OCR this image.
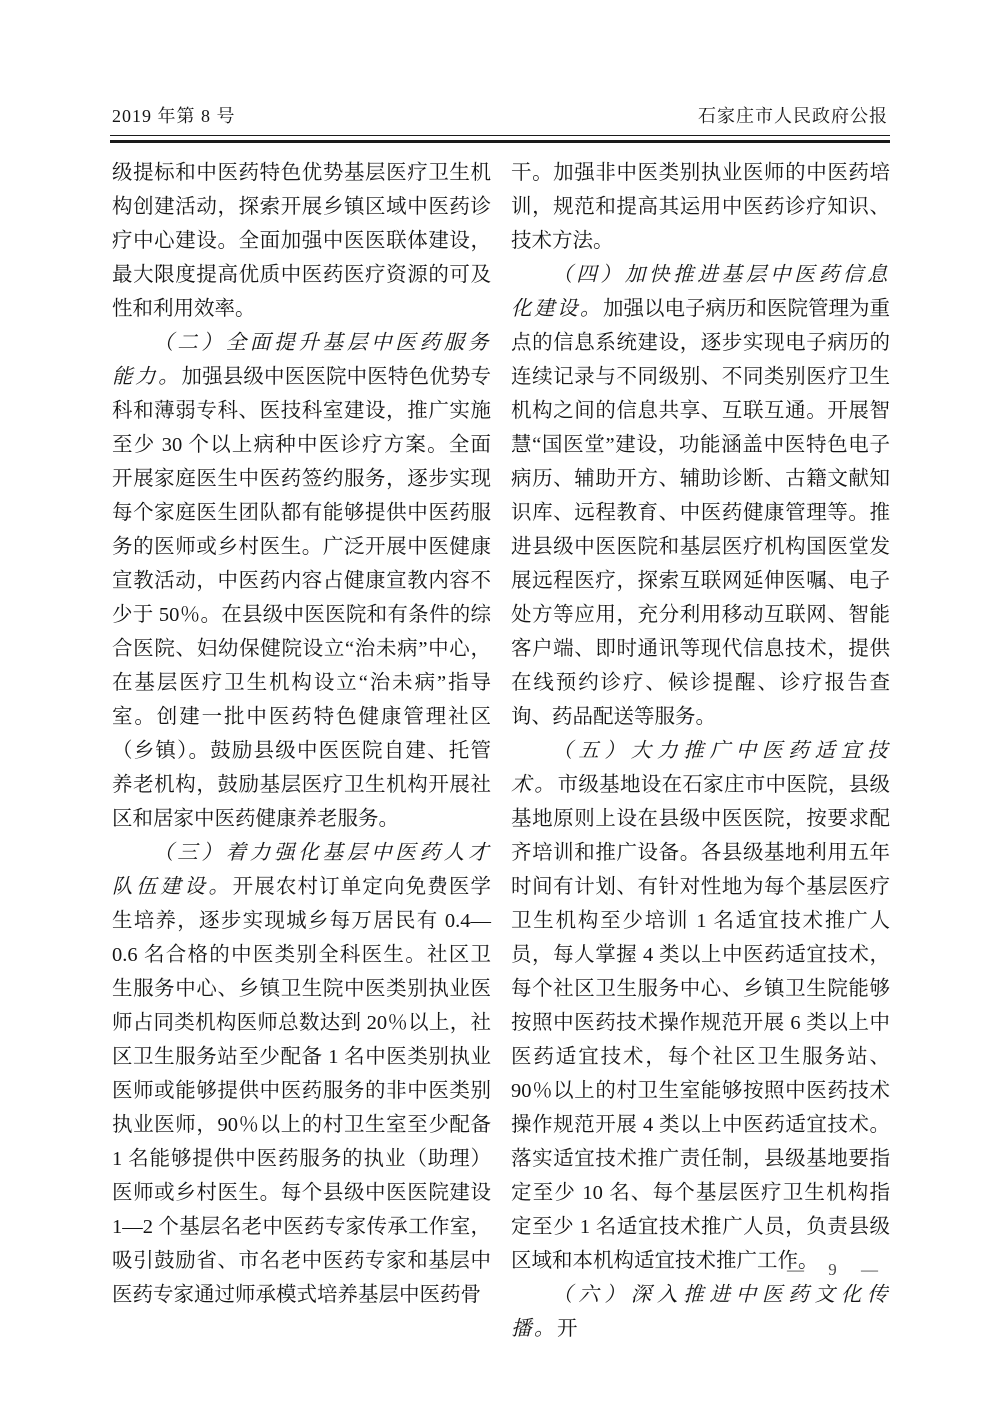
2019 年第 8 号	石家庄市人民政府公报

级提标和中医药特色优势基层医疗卫生机构创建活动，探索开展乡镇区域中医药诊疗中心建设。全面加强中医医联体建设，最大限度提高优质中医药医疗资源的可及性和利用效率。

（二）全面提升基层中医药服务能力。加强县级中医医院中医特色优势专科和薄弱专科、医技科室建设，推广实施至少 30 个以上病种中医诊疗方案。全面开展家庭医生中医药签约服务，逐步实现每个家庭医生团队都有能够提供中医药服务的医师或乡村医生。广泛开展中医健康宣教活动，中医药内容占健康宣教内容不少于 50％。在县级中医医院和有条件的综合医院、妇幼保健院设立“治未病”中心，在基层医疗卫生机构设立“治未病”指导室。创建一批中医药特色健康管理社区（乡镇）。鼓励县级中医医院自建、托管养老机构，鼓励基层医疗卫生机构开展社区和居家中医药健康养老服务。

（三）着力强化基层中医药人才队伍建设。开展农村订单定向免费医学生培养，逐步实现城乡每万居民有 0.4—0.6 名合格的中医类别全科医生。社区卫生服务中心、乡镇卫生院中医类别执业医师占同类机构医师总数达到 20％以上，社区卫生服务站至少配备 1 名中医类别执业医师或能够提供中医药服务的非中医类别执业医师，90％以上的村卫生室至少配备 1 名能够提供中医药服务的执业（助理）医师或乡村医生。每个县级中医医院建设 1—2 个基层名老中医药专家传承工作室，吸引鼓励省、市名老中医药专家和基层中医药专家通过师承模式培养基层中医药骨

干。加强非中医类别执业医师的中医药培训，规范和提高其运用中医药诊疗知识、技术方法。

（四）加快推进基层中医药信息化建设。加强以电子病历和医院管理为重点的信息系统建设，逐步实现电子病历的连续记录与不同级别、不同类别医疗卫生机构之间的信息共享、互联互通。开展智慧“国医堂”建设，功能涵盖中医特色电子病历、辅助开方、辅助诊断、古籍文献知识库、远程教育、中医药健康管理等。推进县级中医医院和基层医疗机构国医堂发展远程医疗，探索互联网延伸医嘱、电子处方等应用，充分利用移动互联网、智能客户端、即时通讯等现代信息技术，提供在线预约诊疗、候诊提醒、诊疗报告查询、药品配送等服务。

（五）大力推广中医药适宜技术。市级基地设在石家庄市中医院，县级基地原则上设在县级中医医院，按要求配齐培训和推广设备。各县级基地利用五年时间有计划、有针对性地为每个基层医疗卫生机构至少培训 1 名适宜技术推广人员，每人掌握 4 类以上中医药适宜技术，每个社区卫生服务中心、乡镇卫生院能够按照中医药技术操作规范开展 6 类以上中医药适宜技术，每个社区卫生服务站、90％以上的村卫生室能够按照中医药技术操作规范开展 4 类以上中医药适宜技术。落实适宜技术推广责任制，县级基地要指定至少 10 名、每个基层医疗卫生机构指定至少 1 名适宜技术推广人员，负责县级区域和本机构适宜技术推广工作。

（六）深入推进中医药文化传播。开

— 9 —
